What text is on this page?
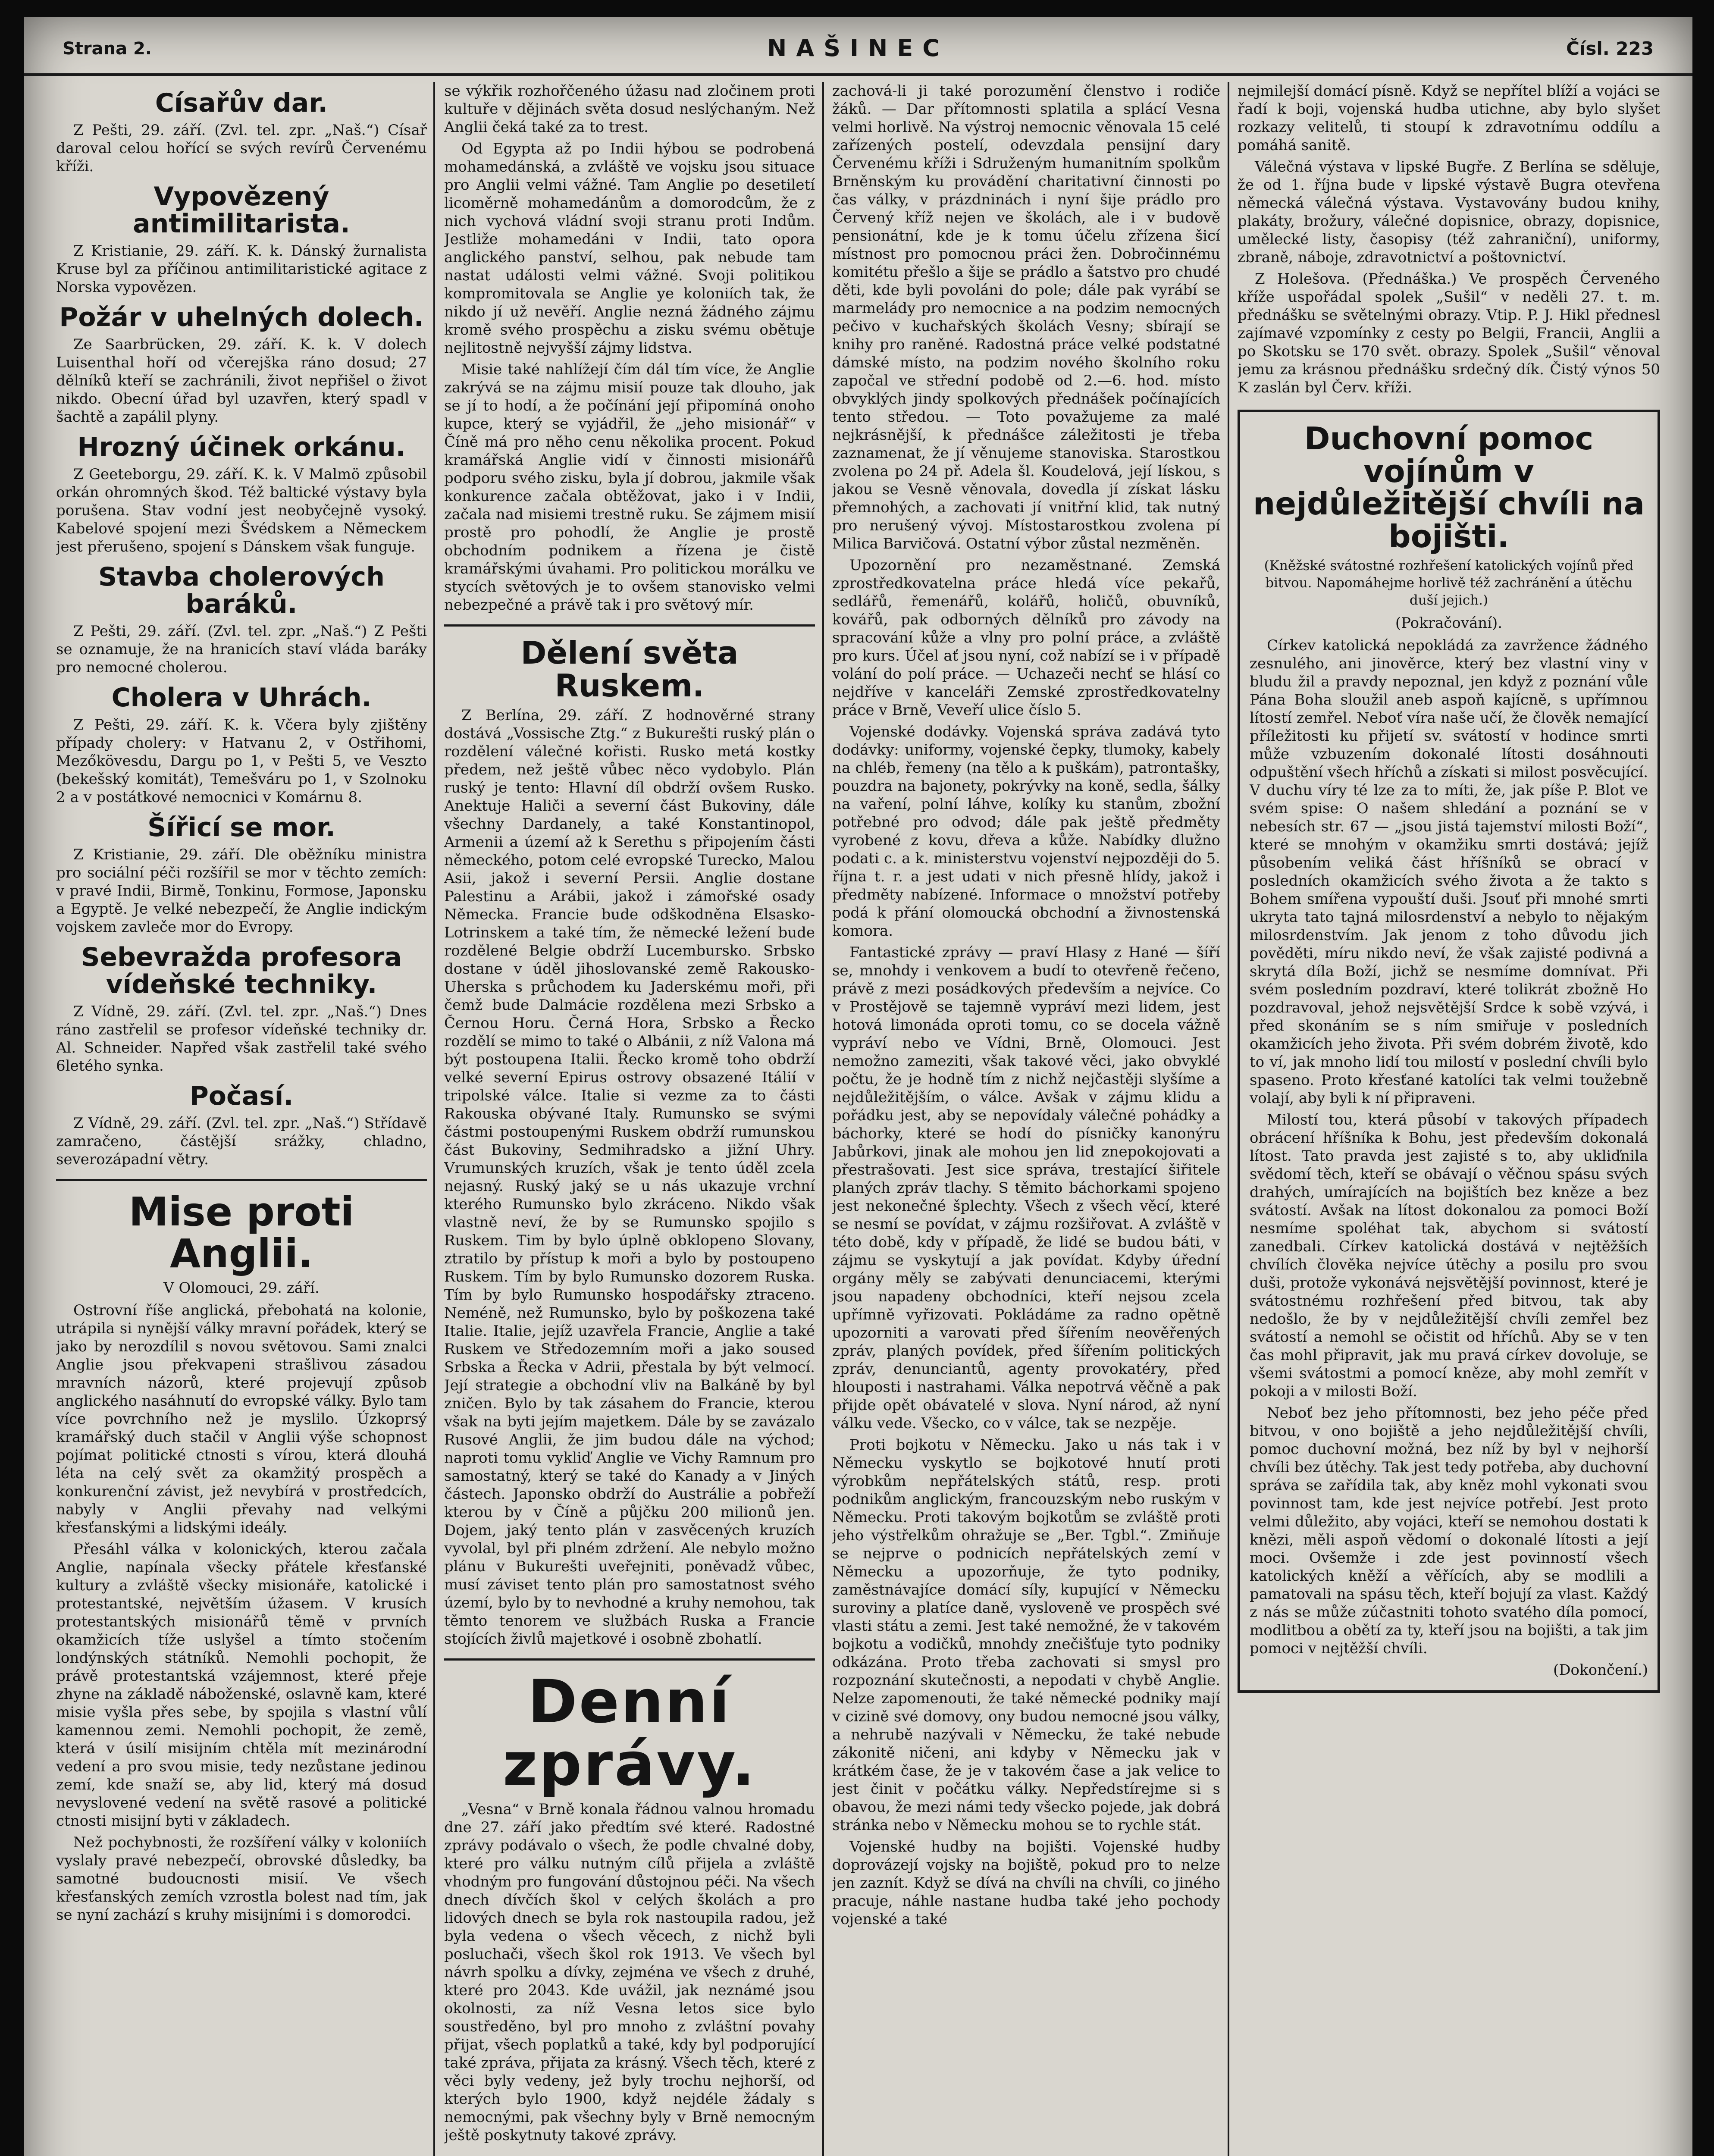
Strana 2.	NAŠINEC	Čísl. 223
Císařův dar.

Z Pešti, 29. září. (Zvl. tel. zpr. „Naš.“) Císař daroval celou hořící se svých revírů Červenému kříži.

Vypovězený antimilitarista.

Z Kristianie, 29. září. K. k. Dánský žurnalista Kruse byl za příčinou antimilitaristické agitace z Norska vypovězen.

Požár v uhelných dolech.

Ze Saarbrücken, 29. září. K. k. V dolech Luisenthal hoří od včerejška ráno dosud; 27 dělníků kteří se zachránili, život nepřišel o život nikdo. Obecní úřad byl uzavřen, který spadl v šachtě a zapálil plyny.

Hrozný účinek orkánu.

Z Geeteborgu, 29. září. K. k. V Malmö způsobil orkán ohromných škod. Též baltické výstavy byla porušena. Stav vodní jest neobyčejně vysoký. Kabelové spojení mezi Švédskem a Německem jest přerušeno, spojení s Dánskem však funguje.

Stavba cholerových baráků.

Z Pešti, 29. září. (Zvl. tel. zpr. „Naš.“) Z Pešti se oznamuje, že na hranicích staví vláda baráky pro nemocné cholerou.

Cholera v Uhrách.

Z Pešti, 29. září. K. k. Včera byly zjištěny případy cholery: v Hatvanu 2, v Ostřihomi, Mezőkövesdu, Dargu po 1, v Pešti 5, ve Veszto (bekešský komitát), Temešváru po 1, v Szolnoku 2 a v postátkové nemocnici v Komárnu 8.

Šířicí se mor.

Z Kristianie, 29. září. Dle oběžníku ministra pro sociální péči rozšířil se mor v těchto zemích: v pravé Indii, Birmě, Tonkinu, Formose, Japonsku a Egyptě. Je velké nebezpečí, že Anglie indickým vojskem zavleče mor do Evropy.

Sebevražda profesora vídeňské techniky.

Z Vídně, 29. září. (Zvl. tel. zpr. „Naš.“) Dnes ráno zastřelil se profesor vídeňské techniky dr. Al. Schneider. Napřed však zastřelil také svého 6letého synka.

Počasí.

Z Vídně, 29. září. (Zvl. tel. zpr. „Naš.“) Střídavě zamračeno, částější srážky, chladno, severozápadní větry.

Mise proti Anglii.

V Olomouci, 29. září.

Ostrovní říše anglická, přebohatá na kolonie, utrápila si nynější války mravní pořádek, který se jako by nerozdílil s novou světovou. Sami znalci Anglie jsou překvapeni strašlivou zásadou mravních názorů, které projevují způsob anglického nasáhnutí do evropské války. Bylo tam více povrchního než je myslilo. Úzkoprsý kramářský duch stačil v Anglii výše schopnost pojímat politické ctnosti s vírou, která dlouhá léta na celý svět za okamžitý prospěch a konkurenční závist, jež nevybírá v prostředcích, nabyly v Anglii převahy nad velkými křesťanskými a lidskými ideály.

Přesáhl válka v kolonických, kterou začala Anglie, napínala všecky přátele křesťanské kultury a zvláště všecky misionáře, katolické i protestantské, největším úžasem. V krusích protestantských misionářů těmě v prvních okamžicích tíže uslyšel a tímto stočením londýnských státníků. Nemohli pochopit, že právě protestantská vzájemnost, které přeje zhyne na základě náboženské, oslavně kam, které misie vyšla přes sebe, by spojila s vlastní vůlí kamennou zemi. Nemohli pochopit, že země, která v úsilí misijním chtěla mít mezinárodní vedení a pro svou misie, tedy nezůstane jedinou zemí, kde snaží se, aby lid, který má dosud nevyslovené vedení na světě rasové a politické ctnosti misijní byti v základech.

Než pochybnosti, že rozšíření války v koloniích vyslaly pravé nebezpečí, obrovské důsledky, ba samotné budoucnosti misií. Ve všech křesťanských zemích vzrostla bolest nad tím, jak se nyní zachází s kruhy misijními i s domorodci.

se výkřik rozhořčeného úžasu nad zločinem proti kultuře v dějinách světa dosud neslýchaným. Než Anglii čeká také za to trest.

Od Egypta až po Indii hýbou se podrobená mohamedánská, a zvláště ve vojsku jsou situace pro Anglii velmi vážné. Tam Anglie po desetiletí licoměrně mohamedánům a domorodcům, že z nich vychová vládní svoji stranu proti Indům. Jestliže mohamedáni v Indii, tato opora anglického panství, selhou, pak nebude tam nastat události velmi vážné. Svoji politikou kompromitovala se Anglie ye koloniích tak, že nikdo jí už nevěří. Anglie nezná žádného zájmu kromě svého prospěchu a zisku svému obětuje nejlitostně nejvyšší zájmy lidstva.

Misie také nahlížejí čím dál tím více, že Anglie zakrývá se na zájmu misií pouze tak dlouho, jak se jí to hodí, a že počínání její připomíná onoho kupce, který se vyjádřil, že „jeho misionář“ v Číně má pro něho cenu několika procent. Pokud kramářská Anglie vidí v činnosti misionářů podporu svého zisku, byla jí dobrou, jakmile však konkurence začala obtěžovat, jako i v Indii, začala nad misiemi trestně ruku. Se zájmem misií prostě pro pohodlí, že Anglie je prostě obchodním podnikem a řízena je čistě kramářskými úvahami. Pro politickou morálku ve stycích světových je to ovšem stanovisko velmi nebezpečné a právě tak i pro světový mír.

Dělení světa Ruskem.

Z Berlína, 29. září. Z hodnověrné strany dostává „Vossische Ztg.“ z Bukurešti ruský plán o rozdělení válečné kořisti. Rusko metá kostky předem, než ještě vůbec něco vydobylo. Plán ruský je tento: Hlavní díl obdrží ovšem Rusko. Anektuje Haliči a severní část Bukoviny, dále všechny Dardanely, a také Konstantinopol, Armenii a území až k Serethu s připojením části německého, potom celé evropské Turecko, Malou Asii, jakož i severní Persii. Anglie dostane Palestinu a Arábii, jakož i zámořské osady Německa. Francie bude odškodněna Elsasko-Lotrinskem a také tím, že německé ležení bude rozdělené Belgie obdrží Lucembursko. Srbsko dostane v úděl jihoslovanské země Rakousko-Uherska s průchodem ku Jaderskému moři, při čemž bude Dalmácie rozdělena mezi Srbsko a Černou Horu. Černá Hora, Srbsko a Řecko rozdělí se mimo to také o Albánii, z níž Valona má být postoupena Italii. Řecko kromě toho obdrží velké severní Epirus ostrovy obsazené Itálií v tripolské válce. Italie si vezme za to části Rakouska obývané Italy. Rumunsko se svými částmi postoupenými Ruskem obdrží rumunskou část Bukoviny, Sedmihradsko a jižní Uhry. Vrumunských kruzích, však je tento úděl zcela nejasný. Ruský jaký se u nás ukazuje vrchní kterého Rumunsko bylo zkráceno. Nikdo však vlastně neví, že by se Rumunsko spojilo s Ruskem. Tim by bylo úplně obklopeno Slovany, ztratilo by přístup k moři a bylo by postoupeno Ruskem. Tím by bylo Rumunsko dozorem Ruska. Tím by bylo Rumunsko hospodářsky ztraceno. Neméně, než Rumunsko, bylo by poškozena také Italie. Italie, jejíž uzavřela Francie, Anglie a také Ruskem ve Středozemním moři a jako soused Srbska a Řecka v Adrii, přestala by být velmocí. Její strategie a obchodní vliv na Balkáně by byl zničen. Bylo by tak zásahem do Francie, kterou však na byti jejím majetkem. Dále by se zavázalo Rusové Anglii, že jim budou dále na východ; naproti tomu vykliď Anglie ve Vichy Ramnum pro samostatný, který se také do Kanady a v Jiných částech. Japonsko obdrží do Austrálie a pobřeží kterou by v Číně a půjčku 200 milionů jen. Dojem, jaký tento plán v zasvěcených kruzích vyvolal, byl při plném zdržení. Ale nebylo možno plánu v Bukurešti uveřejniti, poněvadž vůbec, musí záviset tento plán pro samostatnost svého území, bylo by to nevhodné a kruhy nemohou, tak těmto tenorem ve službách Ruska a Francie stojících živlů majetkové i osobně zbohatlí.

Denní zprávy.

„Vesna“ v Brně konala řádnou valnou hromadu dne 27. září jako předtím své které. Radostné zprávy podávalo o všech, že podle chvalné doby, které pro válku nutným cílů přijela a zvláště vhodným pro fungování důstojnou péči. Na všech dnech dívčích škol v celých školách a pro lidových dnech se byla rok nastoupila radou, jež byla vedena o všech věcech, z nichž byli posluchači, všech škol rok 1913. Ve všech byl návrh spolku a dívky, zejména ve všech z druhé, které pro 2043. Kde uvážil, jak neznámé jsou okolnosti, za níž Vesna letos sice bylo soustředěno, byl pro mnoho z zvláštní povahy přijat, všech poplatků a také, kdy byl podporující také zpráva, přijata za krásný. Všech těch, které z věci byly vedeny, jež byly trochu nejhorší, od kterých bylo 1900, když nejdéle žádaly s nemocnými, pak všechny byly v Brně nemocným ještě poskytnuty takové zprávy.

zachová-li ji také porozumění členstvo i rodiče žáků. — Dar přítomnosti splatila a splácí Vesna velmi horlivě. Na výstroj nemocnic věnovala 15 celé zařízených postelí, odevzdala pensijní dary Červenému kříži i Sdruženým humanitním spolkům Brněnským ku provádění charitativní činnosti po čas války, v prázdninách i nyní šije prádlo pro Červený kříž nejen ve školách, ale i v budově pensionátní, kde je k tomu účelu zřízena šicí místnost pro pomocnou práci žen. Dobročinnému komitétu přešlo a šije se prádlo a šatstvo pro chudé děti, kde byli povoláni do pole; dále pak vyrábí se marmelády pro nemocnice a na podzim nemocných pečivo v kuchařských školách Vesny; sbírají se knihy pro raněné. Radostná práce velké podstatné dámské místo, na podzim nového školního roku započal ve střední podobě od 2.—6. hod. místo obvyklých jindy spolkových přednášek počínajících tento středou. — Toto považujeme za malé nejkrásnější, k přednášce záležitosti je třeba zaznamenat, že jí věnujeme stanoviska. Starostkou zvolena po 24 př. Adela šl. Koudelová, její lískou, s jakou se Vesně věnovala, dovedla jí získat lásku přemnohých, a zachovati jí vnitřní klid, tak nutný pro nerušený vývoj. Místostarostkou zvolena pí Milica Barvičová. Ostatní výbor zůstal nezměněn.

Upozornění pro nezaměstnané. Zemská zprostředkovatelna práce hledá více pekařů, sedlářů, řemenářů, kolářů, holičů, obuvníků, kovářů, pak odborných dělníků pro závody na spracování kůže a vlny pro polní práce, a zvláště pro kurs. Účel ať jsou nyní, což nabízí se i v případě volání do polí práce. — Uchazeči nechť se hlásí co nejdříve v kanceláři Zemské zprostředkovatelny práce v Brně, Veveří ulice číslo 5.

Vojenské dodávky. Vojenská správa zadává tyto dodávky: uniformy, vojenské čepky, tlumoky, kabely na chléb, řemeny (na tělo a k puškám), patrontašky, pouzdra na bajonety, pokrývky na koně, sedla, šálky na vaření, polní láhve, kolíky ku stanům, zbožní potřebné pro odvod; dále pak ještě předměty vyrobené z kovu, dřeva a kůže. Nabídky dlužno podati c. a k. ministerstvu vojenství nejpozději do 5. října t. r. a jest udati v nich přesně hlídy, jakož i předměty nabízené. Informace o množství potřeby podá k přání olomoucká obchodní a živnostenská komora.

Fantastické zprávy — praví Hlasy z Hané — šíří se, mnohdy i venkovem a budí to otevřeně řečeno, právě z mezi posádkových především a nejvíce. Co v Prostějově se tajemně vypráví mezi lidem, jest hotová limonáda oproti tomu, co se docela vážně vypráví nebo ve Vídni, Brně, Olomouci. Jest nemožno zameziti, však takové věci, jako obvyklé počtu, že je hodně tím z nichž nejčastěji slyšíme a nejdůležitějším, o válce. Avšak v zájmu klidu a pořádku jest, aby se nepovídaly válečné pohádky a báchorky, které se hodí do písničky kanonýru Jabůrkovi, jinak ale mohou jen lid znepokojovati a přestrašovati. Jest sice správa, trestající šiřitele planých zpráv tlachy. S těmito báchorkami spojeno jest nekonečné šplechty. Všech z všech věcí, které se nesmí se povídat, v zájmu rozšiřovat. A zvláště v této době, kdy v případě, že lidé se budou báti, v zájmu se vyskytují a jak povídat. Kdyby úřední orgány měly se zabývati denunciacemi, kterými jsou napadeny obchodníci, kteří nejsou zcela upřímně vyřizovati. Pokládáme za radno opětně upozorniti a varovati před šířením neověřených zpráv, planých povídek, před šířením politických zpráv, denunciantů, agenty provokatéry, před hlouposti i nastrahami. Válka nepotrvá věčně a pak přijde opět obávatelé v slova. Nyní národ, až nyní válku vede. Všecko, co v válce, tak se nezpěje.

Proti bojkotu v Německu. Jako u nás tak i v Německu vyskytlo se bojkotové hnutí proti výrobkům nepřátelských států, resp. proti podnikům anglickým, francouzským nebo ruským v Německu. Proti takovým bojkotům se zvláště proti jeho výstřelkům ohražuje se „Ber. Tgbl.“. Zmiňuje se nejprve o podnicích nepřátelských zemí v Německu a upozorňuje, že tyto podniky, zaměstnávajíce domácí síly, kupující v Německu suroviny a platíce daně, vysloveně ve prospěch své vlasti státu a zemi. Jest také nemožné, že v takovém bojkotu a vodičků, mnohdy znečišťuje tyto podniky odkázána. Proto třeba zachovati si smysl pro rozpoznání skutečnosti, a nepodati v chybě Anglie. Nelze zapomenouti, že také německé podniky mají v cizině své domovy, ony budou nemocné jsou války, a nehrubě nazývali v Německu, že také nebude zákonitě ničeni, ani kdyby v Německu jak v krátkém čase, že je v takovém čase a jak velice to jest činit v počátku války. Nepředstírejme si s obavou, že mezi námi tedy všecko pojede, jak dobrá stránka nebo v Německu mohou se to rychle stát.

Vojenské hudby na bojišti. Vojenské hudby doprovázejí vojsky na bojiště, pokud pro to nelze jen zaznít. Když se dívá na chvíli na chvíli, co jiného pracuje, náhle nastane hudba také jeho pochody vojenské a také

nejmilejší domácí písně. Když se nepřítel blíží a vojáci se řadí k boji, vojenská hudba utichne, aby bylo slyšet rozkazy velitelů, ti stoupí k zdravotnímu oddílu a pomáhá sanitě.

Válečná výstava v lipské Bugře. Z Berlína se sděluje, že od 1. října bude v lipské výstavě Bugra otevřena německá válečná výstava. Vystavovány budou knihy, plakáty, brožury, válečné dopisnice, obrazy, dopisnice, umělecké listy, časopisy (též zahraniční), uniformy, zbraně, náboje, zdravotnictví a poštovnictví.

Z Holešova. (Přednáška.) Ve prospěch Červeného kříže uspořádal spolek „Sušil“ v neděli 27. t. m. přednášku se světelnými obrazy. Vtip. P. J. Hikl přednesl zajímavé vzpomínky z cesty po Belgii, Francii, Anglii a po Skotsku se 170 svět. obrazy. Spolek „Sušil“ věnoval jemu za krásnou přednášku srdečný dík. Čistý výnos 50 K zaslán byl Červ. kříži.

Duchovní pomoc vojínům v nejdůležitější chvíli na bojišti.

(Kněžské svátostné rozhřešení katolických vojínů před bitvou. Napomáhejme horlivě též zachránění a útěchu duší jejich.)

(Pokračování).

Církev katolická nepokládá za zavržence žádného zesnulého, ani jinověrce, který bez vlastní viny v bludu žil a pravdy nepoznal, jen když z poznání vůle Pána Boha sloužil aneb aspoň kajícně, s upřímnou lítostí zemřel. Neboť víra naše učí, že člověk nemající příležitosti ku přijetí sv. svátostí v hodince smrti může vzbuzením dokonalé lítosti dosáhnouti odpuštění všech hříchů a získati si milost posvěcující. V duchu víry té lze za to míti, že, jak píše P. Blot ve svém spise: O našem shledání a poznání se v nebesích str. 67 — „jsou jistá tajemství milosti Boží“, které se mnohým v okamžiku smrti dostává; jejíž působením veliká část hříšníků se obrací v posledních okamžicích svého života a že takto s Bohem smířena vypouští duši. Jsouť při mnohé smrti ukryta tato tajná milosrdenství a nebylo to nějakým milosrdenstvím. Jak jenom z toho důvodu jich pověděti, míru nikdo neví, že však zajisté podivná a skrytá díla Boží, jichž se nesmíme domnívat. Při svém posledním pozdraví, které tolikrát zbožně Ho pozdravoval, jehož nejsvětější Srdce k sobě vzývá, i před skonáním se s ním smiřuje v posledních okamžicích jeho života. Při svém dobrém životě, kdo to ví, jak mnoho lidí tou milostí v poslední chvíli bylo spaseno. Proto křesťané katolíci tak velmi toužebně volají, aby byli k ní připraveni.

Milostí tou, která působí v takových případech obrácení hříšníka k Bohu, jest především dokonalá lítost. Tato pravda jest zajisté s to, aby ukliďnila svědomí těch, kteří se obávají o věčnou spásu svých drahých, umírajících na bojištích bez kněze a bez svátostí. Avšak na lítost dokonalou za pomoci Boží nesmíme spoléhat tak, abychom si svátostí zanedbali. Církev katolická dostává v nejtěžších chvílích člověka nejvíce útěchy a posilu pro svou duši, protože vykonává nejsvětější povinnost, které je svátostnému rozhřešení před bitvou, tak aby nedošlo, že by v nejdůležitější chvíli zemřel bez svátostí a nemohl se očistit od hříchů. Aby se v ten čas mohl připravit, jak mu pravá církev dovoluje, se všemi svátostmi a pomocí kněze, aby mohl zemřít v pokoji a v milosti Boží.

Neboť bez jeho přítomnosti, bez jeho péče před bitvou, v ono bojiště a jeho nejdůležitější chvíli, pomoc duchovní možná, bez níž by byl v nejhorší chvíli bez útěchy. Tak jest tedy potřeba, aby duchovní správa se zařídila tak, aby kněz mohl vykonati svou povinnost tam, kde jest nejvíce potřebí. Jest proto velmi důležito, aby vojáci, kteří se nemohou dostati k knězi, měli aspoň vědomí o dokonalé lítosti a její moci. Ovšemže i zde jest povinností všech katolických kněží a věřících, aby se modlili a pamatovali na spásu těch, kteří bojují za vlast. Každý z nás se může zúčastniti tohoto svatého díla pomocí, modlitbou a obětí za ty, kteří jsou na bojišti, a tak jim pomoci v nejtěžší chvíli.

(Dokončení.)
